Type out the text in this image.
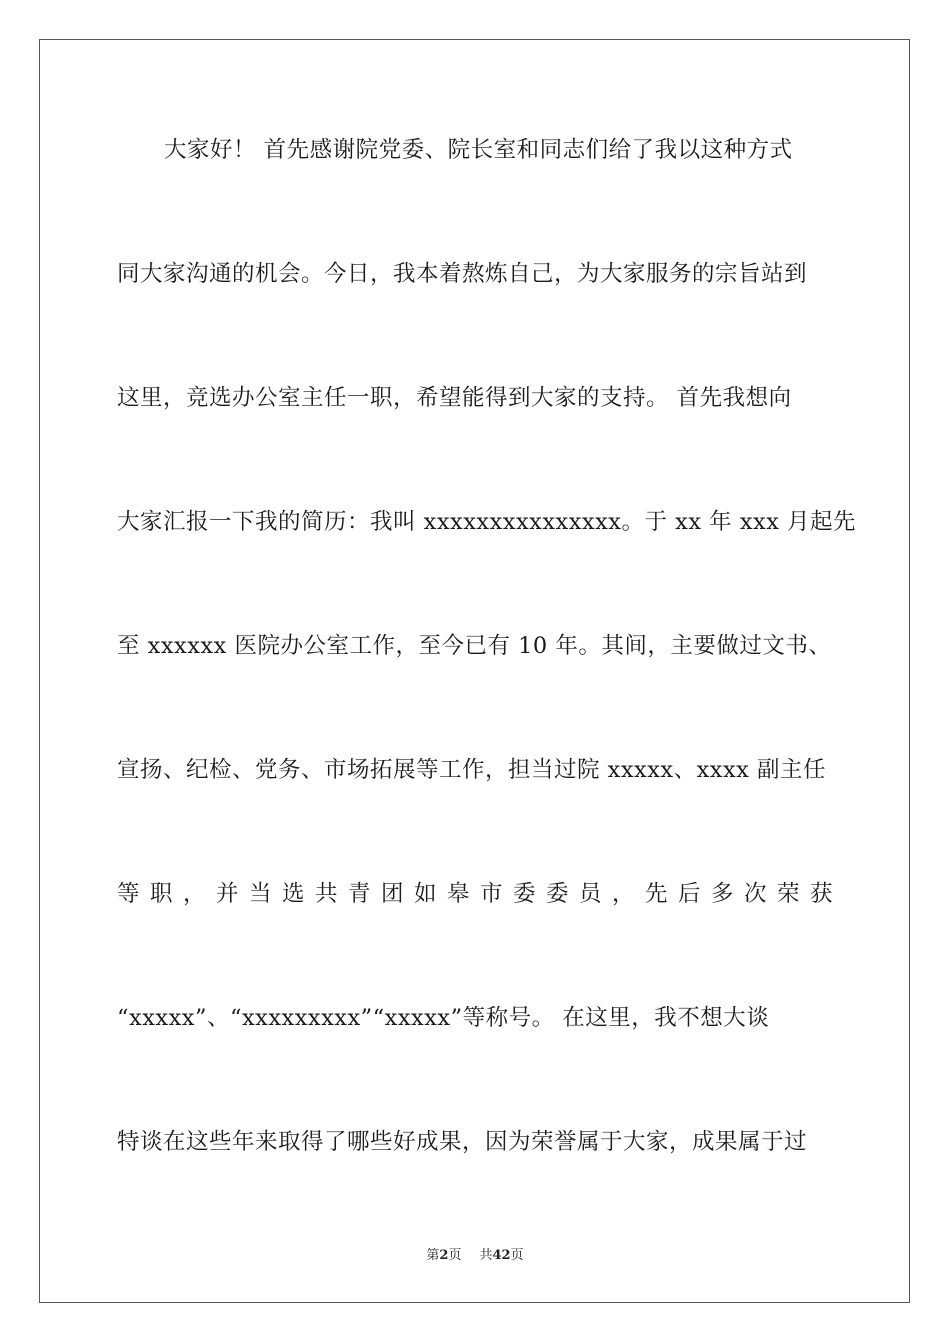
大家好！ 首先感谢院党委、院长室和同志们给了我以这种方式
同大家沟通的机会。今日，我本着熬炼自己，为大家服务的宗旨站到
这里，竞选办公室主任一职，希望能得到大家的支持。 首先我想向
大家汇报一下我的简历：我叫 xxxxxxxxxxxxxxx。于 xx 年 xxx 月起先
至 xxxxxx 医院办公室工作，至今已有 10 年。其间，主要做过文书、
宣扬、纪检、党务、市场拓展等工作，担当过院 xxxxx、xxxx 副主任
等职，并当选共青团如皋市委委员，先后多次荣获
“xxxxx”、“xxxxxxxxx”“xxxxx”等称号。 在这里，我不想大谈
特谈在这些年来取得了哪些好成果，因为荣誉属于大家，成果属于过
第2页 共42页
